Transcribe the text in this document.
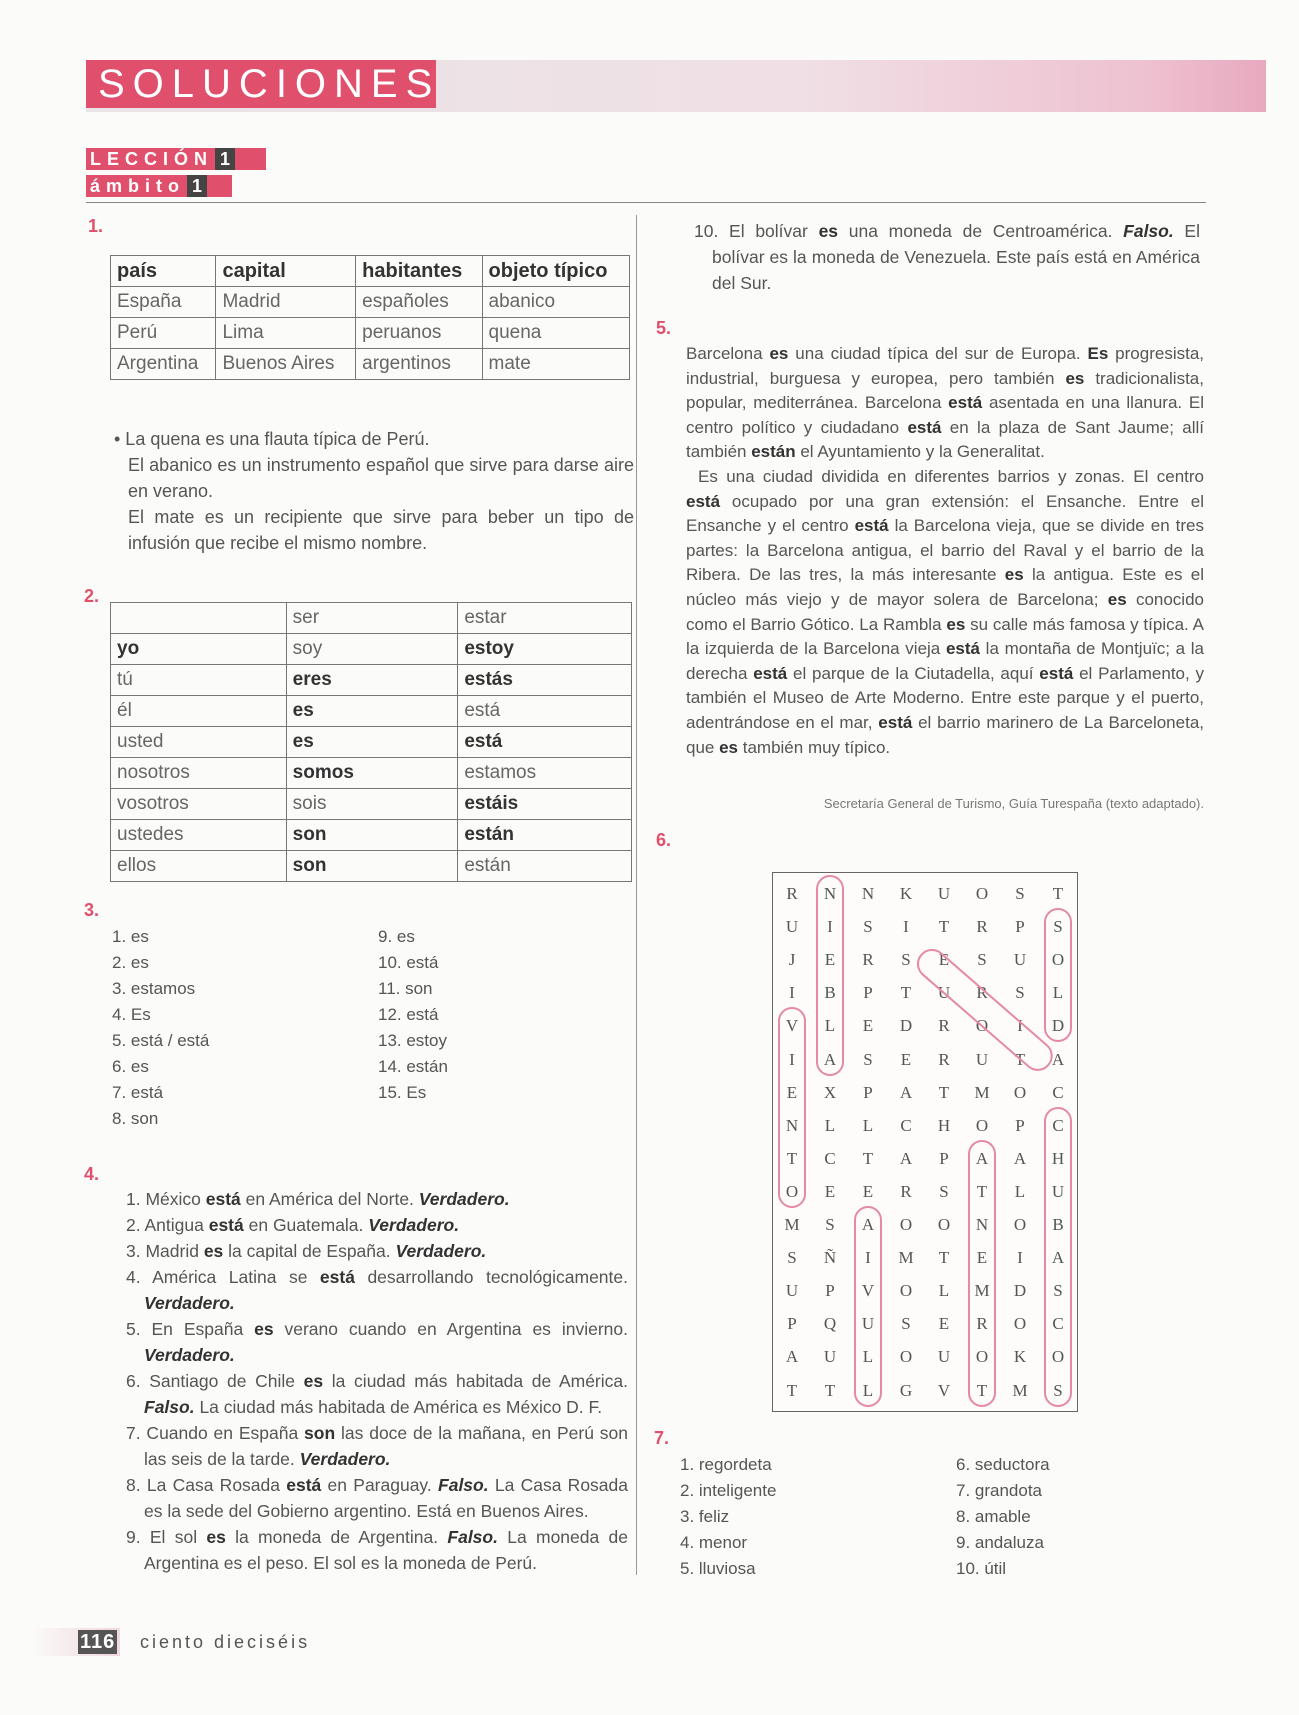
SOLUCIONES
LECCIÓN 1
ámbito 1
1.
país	capital	habitantes	objeto típico
España	Madrid	españoles	abanico
Perú	Lima	peruanos	quena
Argentina	Buenos Aires	argentinos	mate
• La quena es una flauta típica de Perú.
El abanico es un instrumento español que sirve para darse aire en verano.
El mate es un recipiente que sirve para beber un tipo de infusión que recibe el mismo nombre.
2.
	ser	estar
yo	soy	estoy
tú	eres	estás
él	es	está
usted	es	está
nosotros	somos	estamos
vosotros	sois	estáis
ustedes	son	están
ellos	son	están
3.
1. es
2. es
3. estamos
4. Es
5. está / está
6. es
7. está
8. son
9. es
10. está
11. son
12. está
13. estoy
14. están
15. Es
4.
1. México está en América del Norte. Verdadero.
2. Antigua está en Guatemala. Verdadero.
3. Madrid es la capital de España. Verdadero.
4. América Latina se está desarrollando tecnológicamente. Verdadero.
5. En España es verano cuando en Argentina es invierno. Verdadero.
6. Santiago de Chile es la ciudad más habitada de América. Falso. La ciudad más habitada de América es México D. F.
7. Cuando en España son las doce de la mañana, en Perú son las seis de la tarde. Verdadero.
8. La Casa Rosada está en Paraguay. Falso. La Casa Rosada es la sede del Gobierno argentino. Está en Buenos Aires.
9. El sol es la moneda de Argentina. Falso. La moneda de Argentina es el peso. El sol es la moneda de Perú.
10. El bolívar es una moneda de Centroamérica. Falso. El bolívar es la moneda de Venezuela. Este país está en América del Sur.
5.
Barcelona es una ciudad típica del sur de Europa. Es progresista, industrial, burguesa y europea, pero también es tradicionalista, popular, mediterránea. Barcelona está asentada en una llanura. El centro político y ciudadano está en la plaza de Sant Jaume; allí también están el Ayuntamiento y la Generalitat.
Es una ciudad dividida en diferentes barrios y zonas. El centro está ocupado por una gran extensión: el Ensanche. Entre el Ensanche y el centro está la Barcelona vieja, que se divide en tres partes: la Barcelona antigua, el barrio del Raval y el barrio de la Ribera. De las tres, la más interesante es la antigua. Este es el núcleo más viejo y de mayor solera de Barcelona; es conocido como el Barrio Gótico. La Rambla es su calle más famosa y típica. A la izquierda de la Barcelona vieja está la montaña de Montjuïc; a la derecha está el parque de la Ciutadella, aquí está el Parlamento, y también el Museo de Arte Moderno. Entre este parque y el puerto, adentrándose en el mar, está el barrio marinero de La Barceloneta, que es también muy típico.
Secretaría General de Turismo, Guía Turespaña (texto adaptado).
6.
R	N	N	K	U	O	S	T
U	I	S	I	T	R	P	S
J	E	R	S	E	S	U	O
I	B	P	T	U	R	S	L
V	L	E	D	R	O	I	D
I	A	S	E	R	U	T	A
E	X	P	A	T	M	O	C
N	L	L	C	H	O	P	C
T	C	T	A	P	A	A	H
O	E	E	R	S	T	L	U
M	S	A	O	O	N	O	B
S	Ñ	I	M	T	E	I	A
U	P	V	O	L	M	D	S
P	Q	U	S	E	R	O	C
A	U	L	O	U	O	K	O
T	T	L	G	V	T	M	S
7.
1. regordeta
2. inteligente
3. feliz
4. menor
5. lluviosa
6. seductora
7. grandota
8. amable
9. andaluza
10. útil
116 ciento dieciséis
